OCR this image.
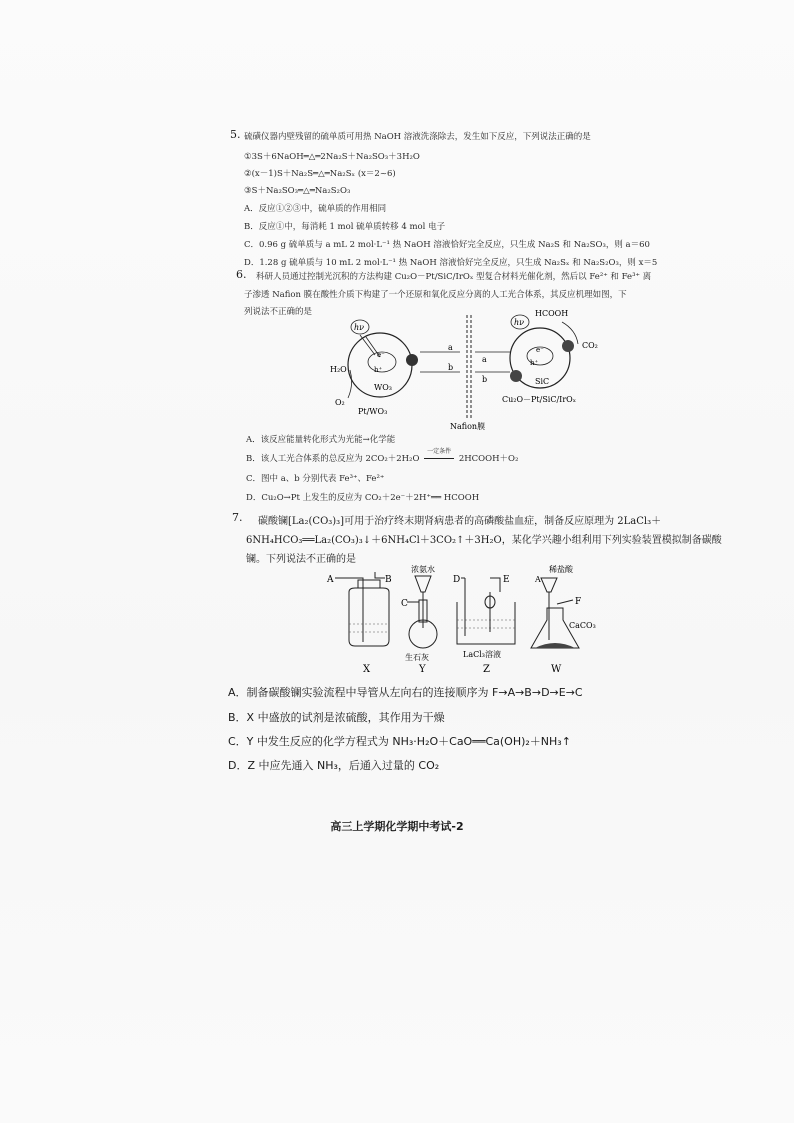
5. 硫磺仪器内壁残留的硫单质可用热 NaOH 溶液洗涤除去，发生如下反应，下列说法正确的是
①3S＋6NaOH═△═2Na₂S＋Na₂SO₃＋3H₂O
②(x－1)S＋Na₂S═△═Na₂Sₓ (x＝2~6)
③S＋Na₂SO₃═△═Na₂S₂O₃
A．反应①②③中，硫单质的作用相同
B．反应①中，每消耗 1 mol 硫单质转移 4 mol 电子
C．0.96 g 硫单质与 a mL 2 mol·L⁻¹ 热 NaOH 溶液恰好完全反应，只生成 Na₂S 和 Na₂SO₃，则 a＝60
D．1.28 g 硫单质与 10 mL 2 mol·L⁻¹ 热 NaOH 溶液恰好完全反应，只生成 Na₂Sₓ 和 Na₂S₂O₃，则 x＝5
6. 科研人员通过控制光沉积的方法构建 Cu₂O－Pt/SiC/IrOₓ 型复合材料光催化剂，然后以 Fe²⁺ 和 Fe³⁺ 离
子渗透 Nafion 膜在酸性介质下构建了一个还原和氧化反应分离的人工光合体系，其反应机理如图，下
列说法不正确的是
hν
e⁻
h⁺
WO₃
H₂O
O₂
Pt/WO₃
a
b
Nafion膜
a
b
hν
e⁻
h⁺
SiC
HCOOH
CO₂
Cu₂O－Pt/SiC/IrOₓ
A．该反应能量转化形式为光能→化学能
B．该人工光合体系的总反应为 2CO₂＋2H₂O
一定条件
2HCOOH＋O₂
C．图中 a、b 分别代表 Fe³⁺、Fe²⁺
D．Cu₂O→Pt 上发生的反应为 CO₂＋2e⁻＋2H⁺══ HCOOH
7. 碳酸镧[La₂(CO₃)₃]可用于治疗终末期肾病患者的高磷酸盐血症，制备反应原理为 2LaCl₃＋
6NH₄HCO₃══La₂(CO₃)₃↓＋6NH₄Cl＋3CO₂↑＋3H₂O，某化学兴趣小组利用下列实验装置模拟制备碳酸
镧。下列说法不正确的是
A	B
X
浓氨水
C
生石灰
Y
D	E
LaCl₃溶液
Z
A
稀盐酸
F
CaCO₃
W
A．制备碳酸镧实验流程中导管从左向右的连接顺序为 F→A→B→D→E→C
B．X 中盛放的试剂是浓硫酸，其作用为干燥
C．Y 中发生反应的化学方程式为 NH₃·H₂O＋CaO══Ca(OH)₂＋NH₃↑
D．Z 中应先通入 NH₃，后通入过量的 CO₂
高三上学期化学期中考试-2
